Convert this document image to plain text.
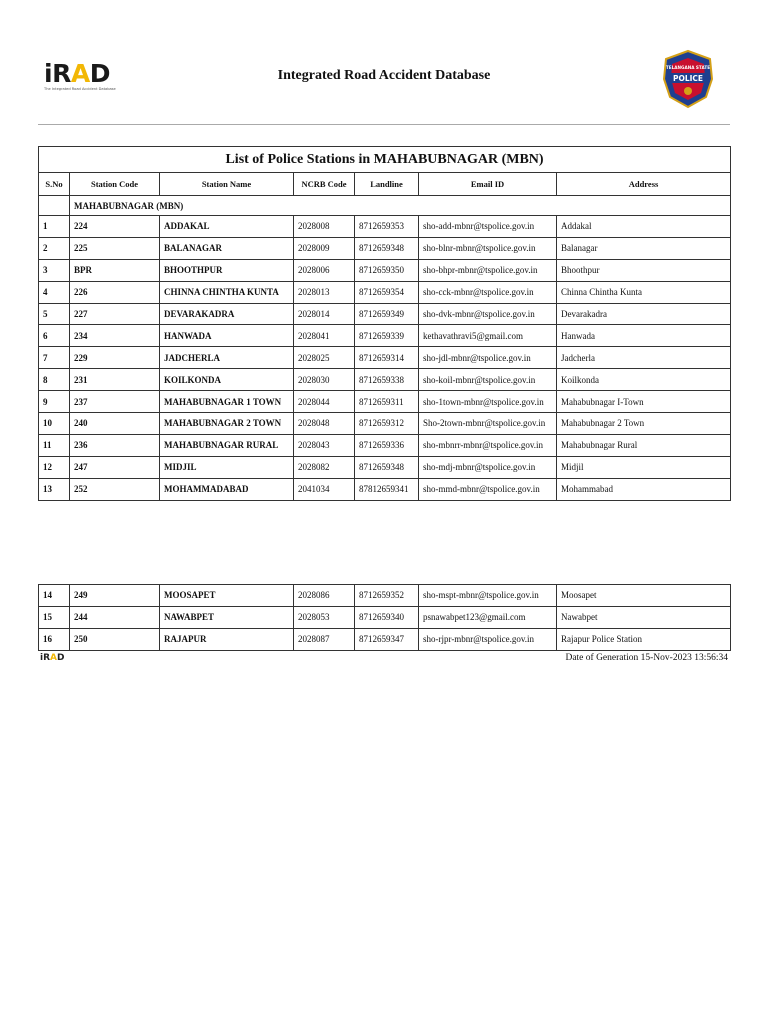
iRAD
The Integrated Road Accident Database
Integrated Road Accident Database
TELANGANA STATE
POLICE
List of Police Stations in MAHABUBNAGAR (MBN)						
S.No	Station Code	Station Name	NCRB Code	Landline	Email ID	Address
	MAHABUBNAGAR (MBN)					
1	224	ADDAKAL	2028008	8712659353	sho-add-mbnr@tspolice.gov.in	Addakal
2	225	BALANAGAR	2028009	8712659348	sho-blnr-mbnr@tspolice.gov.in	Balanagar
3	BPR	BHOOTHPUR	2028006	8712659350	sho-bhpr-mbnr@tspolice.gov.in	Bhoothpur
4	226	CHINNA CHINTHA KUNTA	2028013	8712659354	sho-cck-mbnr@tspolice.gov.in	Chinna Chintha Kunta
5	227	DEVARAKADRA	2028014	8712659349	sho-dvk-mbnr@tspolice.gov.in	Devarakadra
6	234	HANWADA	2028041	8712659339	kethavathravi5@gmail.com	Hanwada
7	229	JADCHERLA	2028025	8712659314	sho-jdl-mbnr@tspolice.gov.in	Jadcherla
8	231	KOILKONDA	2028030	8712659338	sho-koil-mbnr@tspolice.gov.in	Koilkonda
9	237	MAHABUBNAGAR 1 TOWN	2028044	8712659311	sho-1town-mbnr@tspolice.gov.in	Mahabubnagar I-Town
10	240	MAHABUBNAGAR 2 TOWN	2028048	8712659312	Sho-2town-mbnr@tspolice.gov.in	Mahabubnagar 2 Town
11	236	MAHABUBNAGAR RURAL	2028043	8712659336	sho-mbnrr-mbnr@tspolice.gov.in	Mahabubnagar Rural
12	247	MIDJIL	2028082	8712659348	sho-mdj-mbnr@tspolice.gov.in	Midjil
13	252	MOHAMMADABAD	2041034	87812659341	sho-mmd-mbnr@tspolice.gov.in	Mohammabad
14	249	MOOSAPET	2028086	8712659352	sho-mspt-mbnr@tspolice.gov.in	Moosapet
15	244	NAWABPET	2028053	8712659340	psnawabpet123@gmail.com	Nawabpet
16	250	RAJAPUR	2028087	8712659347	sho-rjpr-mbnr@tspolice.gov.in	Rajapur Police Station
iRAD	Date of Generation 15-Nov-2023 13:56:34
